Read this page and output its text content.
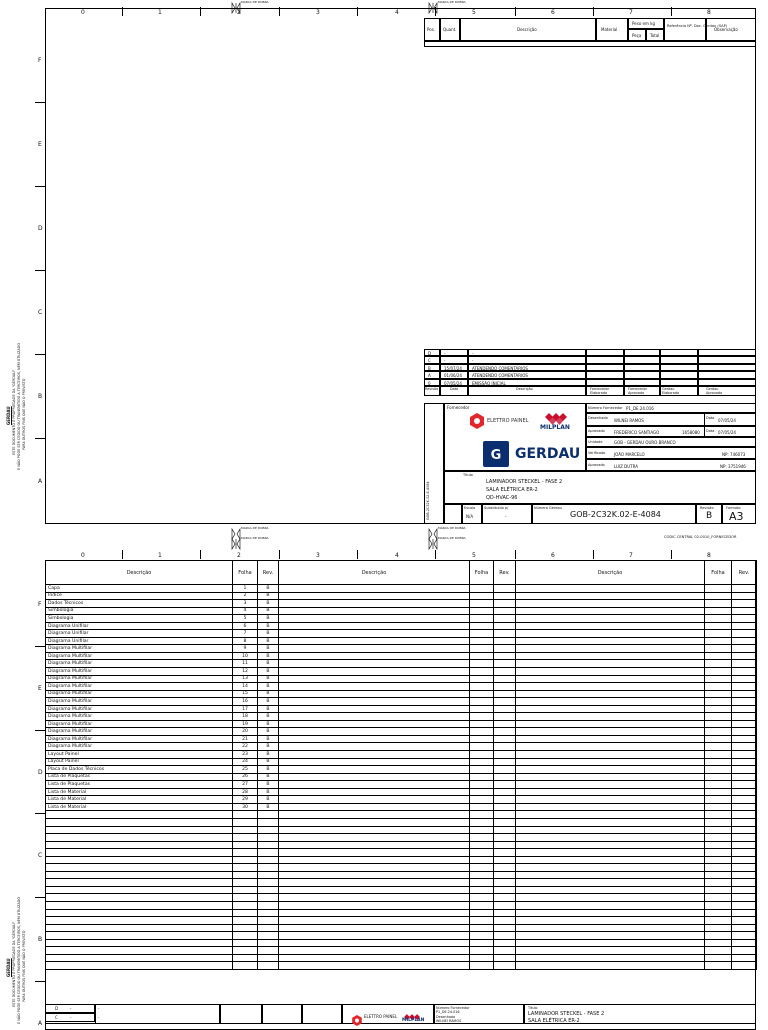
0	1	2	3	4	5	6	7	8
MARCA DE DOBRA	MARCA DE DOBRA
F
E
D
C
B
A
Pos. Quant.	Descrição	Material
Peso em kg
Peça Total
Referência Nº. Doc. Gerdau (SAP)
Observação
D	-	-
C	-	-
B	15/07/24	ATENDENDO COMENTÁRIOS
A	01/06/24	ATENDENDO COMENTÁRIOS
0	07/05/24	EMISSÃO INICIAL
Revisão	Data	Descrição	Fornecedor	Fornecedor	Gerdau	Gerdau
Elaborado	Aprovado	Elaborado	Aprovado
GOB-2C32K.02-E-4084
Fornecedor
ELETTRO PAINEL
MILPLAN
G GERDAU
Número Fornecedor P1_DE.24.016
Desenhado WILNEI RAMOS	Data 07/05/24
Aprovado FREDERICO SANTIAGO	1658080 Data 07/05/24
Unidade	GOB - GERDAU OURO BRANCO
Verificado JOÃO MARCELO	NP: 746073
Aprovado LUIZ DUTRA	NP: 3751946
Título
LAMINADOR STECKEL - FASE 2
SALA ELÉTRICA ER-2
QD-HVAC-96
Escala
N/A
Substituído p/
-
Número Gerdau
GOB-2C32K.02-E-4084
Revisão
B
Formato
A3
GERDAU ESTE DOCUMENTO É PROPRIEDADE DA "GERDAU" E NÃO PODE SER CEDIDO OU TRANSMITIDO A TERCEIROS, NEM UTILIZADO PARA OUTROS FINS QUE NÃO O PREVISTO
CODIC CENTRAL 02-0010_FORNECEDOR
0	1	2	3	4	5	6	7	8
MARCA DE DOBRA	MARCA DE DOBRA
MARCA DE DOBRA	MARCA DE DOBRA
F
E
D
C
B
A
Descrição	Folha	Rev.
Capa	1	B
Índice	2	B
Dados Técnicos	3	B
Simbologia	4	B
Simbologia	5	B
Diagrama Unifilar	6	B
Diagrama Unifilar	7	B
Diagrama Unifilar	8	B
Diagrama Multifilar	9	B
Diagrama Multifilar	10	B
Diagrama Multifilar	11	B
Diagrama Multifilar	12	B
Diagrama Multifilar	13	B
Diagrama Multifilar	14	B
Diagrama Multifilar	15	B
Diagrama Multifilar	16	B
Diagrama Multifilar	17	B
Diagrama Multifilar	18	B
Diagrama Multifilar	19	B
Diagrama Multifilar	20	B
Diagrama Multifilar	21	B
Diagrama Multifilar	22	B
Layout Painel	23	B
Layout Painel	24	B
Placa de Dados Técnicos	25	B
Lista de Plaquetas	26	B
Lista de Plaquetas	27	B
Lista de Material	28	B
Lista de Material	29	B
Lista de Material	30	B

Descrição	Folha	Rev.

			Descrição	Folha	Rev.

D	-	-
C	-	-	ELETTRO PAINEL
MILPLAN
Número Fornecedor
P1_DE.24.016
Desenhado
WILNEI RAMOS
Título
LAMINADOR STECKEL - FASE 2
SALA ELÉTRICA ER-2
GERDAU ESTE DOCUMENTO É PROPRIEDADE DA "GERDAU" E NÃO PODE SER CEDIDO OU TRANSMITIDO A TERCEIROS, NEM UTILIZADO PARA OUTROS FINS QUE NÃO O PREVISTO
